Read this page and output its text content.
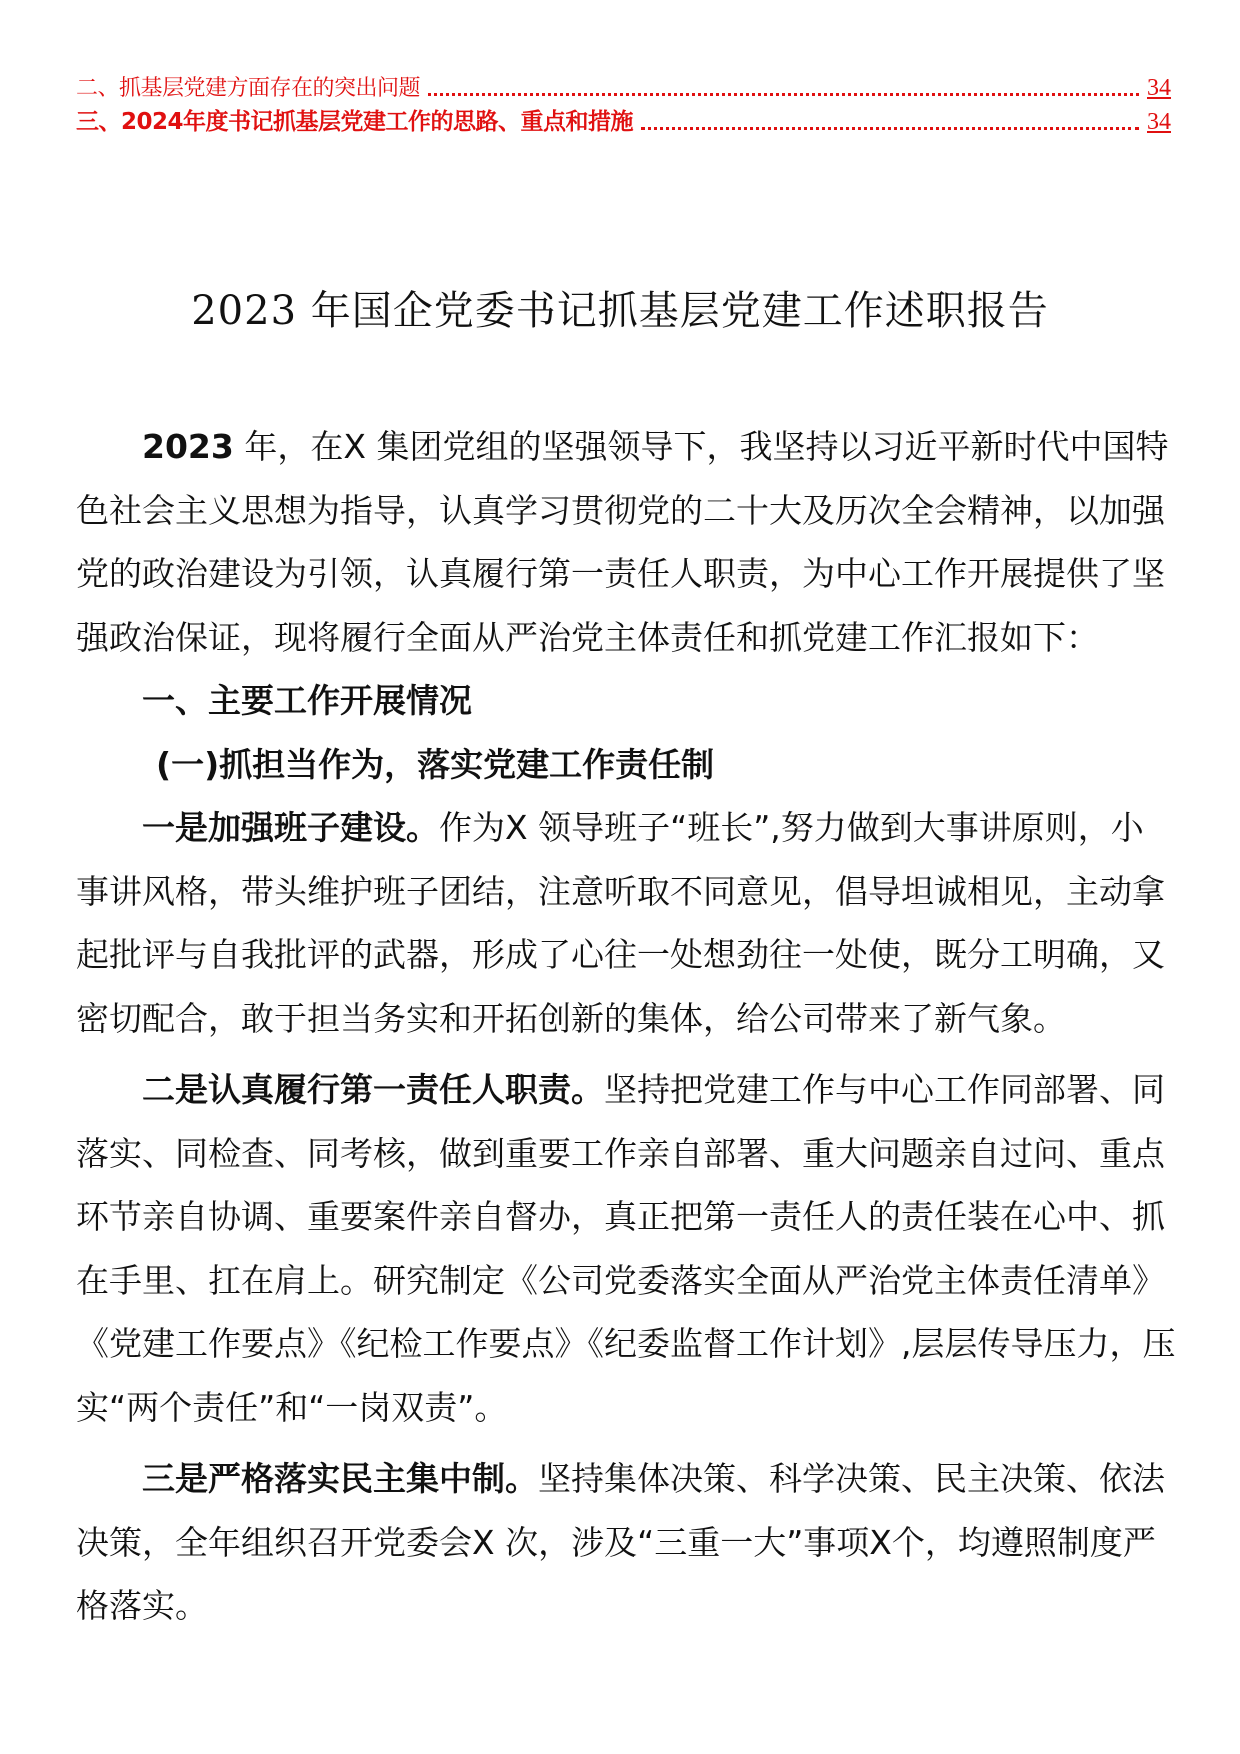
二、抓基层党建方面存在的突出问题	34
三、2024年度书记抓基层党建工作的思路、重点和措施	34
2023 年国企党委书记抓基层党建工作述职报告

2023 年，在X 集团党组的坚强领导下，我坚持以习近平新时代中国特色社会主义思想为指导，认真学习贯彻党的二十大及历次全会精神，以加强党的政治建设为引领，认真履行第一责任人职责，为中心工作开展提供了坚强政治保证，现将履行全面从严治党主体责任和抓党建工作汇报如下：

一、主要工作开展情况

(一)抓担当作为，落实党建工作责任制

一是加强班子建设。作为X 领导班子“班长”,努力做到大事讲原则，小事讲风格，带头维护班子团结，注意听取不同意见，倡导坦诚相见，主动拿起批评与自我批评的武器，形成了心往一处想劲往一处使，既分工明确，又密切配合，敢于担当务实和开拓创新的集体，给公司带来了新气象。

二是认真履行第一责任人职责。坚持把党建工作与中心工作同部署、同落实、同检查、同考核，做到重要工作亲自部署、重大问题亲自过问、重点环节亲自协调、重要案件亲自督办，真正把第一责任人的责任装在心中、抓在手里、扛在肩上。研究制定《公司党委落实全面从严治党主体责任清单》《党建工作要点》《纪检工作要点》《纪委监督工作计划》,层层传导压力，压实“两个责任”和“一岗双责”。

三是严格落实民主集中制。坚持集体决策、科学决策、民主决策、依法决策，全年组织召开党委会X 次，涉及“三重一大”事项X个，均遵照制度严格落实。
